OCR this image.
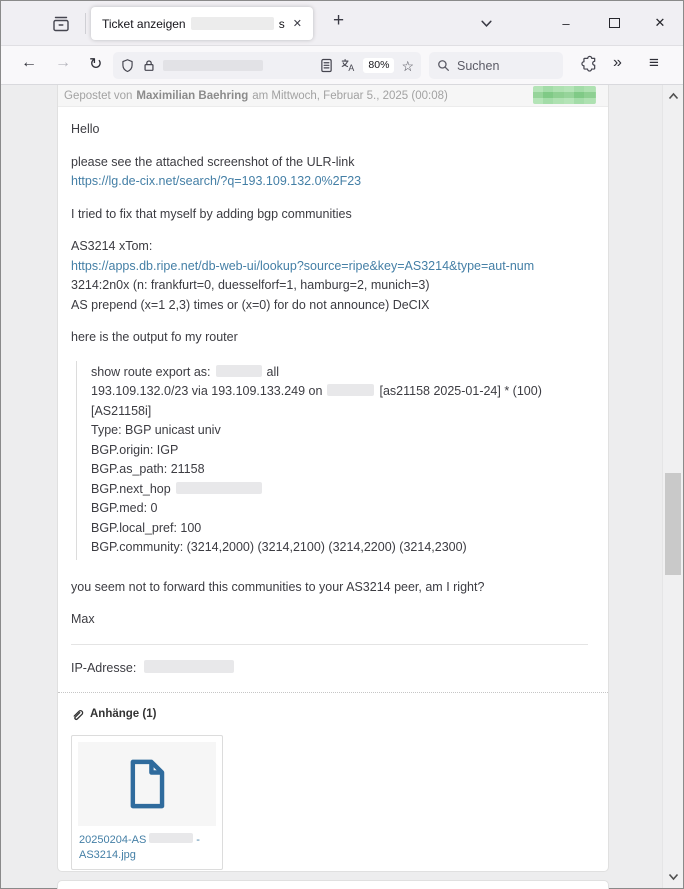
Ticket anzeigen	s ✕	+	–	✕
← → ↻	A	80% ☆
Suchen	» ≡
Gepostet von Maximilian Baehring am Mittwoch, Februar 5., 2025 (00:08)
Hello
please see the attached screenshot of the ULR-link
https://lg.de-cix.net/search/?q=193.109.132.0%2F23
I tried to fix that myself by adding bgp communities
AS3214 xTom:
https://apps.db.ripe.net/db-web-ui/lookup?source=ripe&key=AS3214&type=aut-num
3214:2n0x (n: frankfurt=0, duesselforf=1, hamburg=2, munich=3)
AS prepend (x=1 2,3) times or (x=0) for do not announce) DeCIX
here is the output fo my router
show route export as:	all
193.109.132.0/23 via 193.109.133.249 on	[as21158 2025-01-24] * (100)
[AS21158i]
Type: BGP unicast univ
BGP.origin: IGP
BGP.as_path: 21158
BGP.next_hop
BGP.med: 0
BGP.local_pref: 100
BGP.community: (3214,2000) (3214,2100) (3214,2200) (3214,2300)
you seem not to forward this communities to your AS3214 peer, am I right?
Max
IP-Adresse:
Anhänge (1)
20250204-AS	-
AS3214.jpg
